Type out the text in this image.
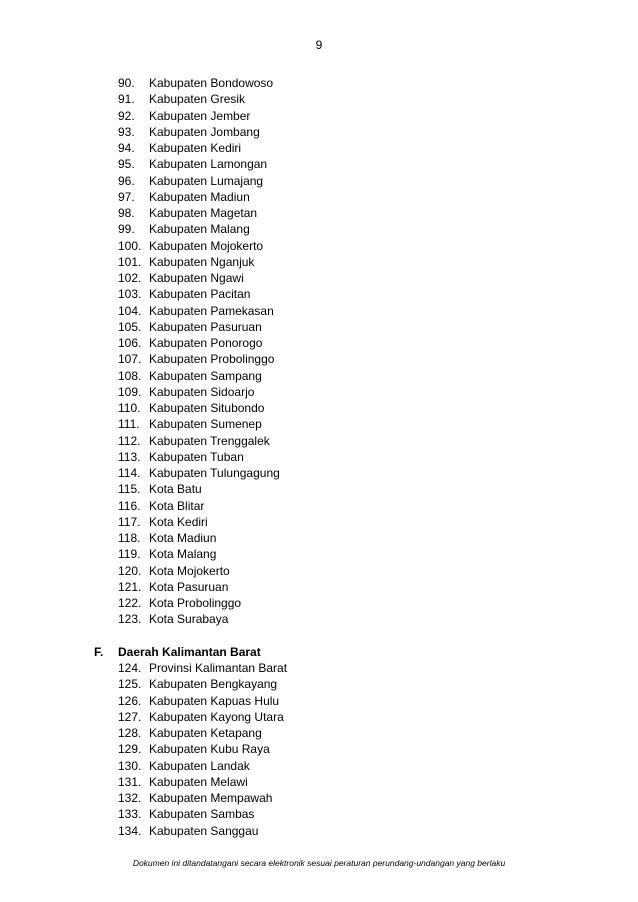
9
90. Kabupaten Bondowoso
91. Kabupaten Gresik
92. Kabupaten Jember
93. Kabupaten Jombang
94. Kabupaten Kediri
95. Kabupaten Lamongan
96. Kabupaten Lumajang
97. Kabupaten Madiun
98. Kabupaten Magetan
99. Kabupaten Malang
100. Kabupaten Mojokerto
101. Kabupaten Nganjuk
102. Kabupaten Ngawi
103. Kabupaten Pacitan
104. Kabupaten Pamekasan
105. Kabupaten Pasuruan
106. Kabupaten Ponorogo
107. Kabupaten Probolinggo
108. Kabupaten Sampang
109. Kabupaten Sidoarjo
110. Kabupaten Situbondo
111. Kabupaten Sumenep
112. Kabupaten Trenggalek
113. Kabupaten Tuban
114. Kabupaten Tulungagung
115. Kota Batu
116. Kota Blitar
117. Kota Kediri
118. Kota Madiun
119. Kota Malang
120. Kota Mojokerto
121. Kota Pasuruan
122. Kota Probolinggo
123. Kota Surabaya
F. Daerah Kalimantan Barat
124. Provinsi Kalimantan Barat
125. Kabupaten Bengkayang
126. Kabupaten Kapuas Hulu
127. Kabupaten Kayong Utara
128. Kabupaten Ketapang
129. Kabupaten Kubu Raya
130. Kabupaten Landak
131. Kabupaten Melawi
132. Kabupaten Mempawah
133. Kabupaten Sambas
134. Kabupaten Sanggau
Dokumen ini ditandatangani secara elektronik sesuai peraturan perundang-undangan yang berlaku
